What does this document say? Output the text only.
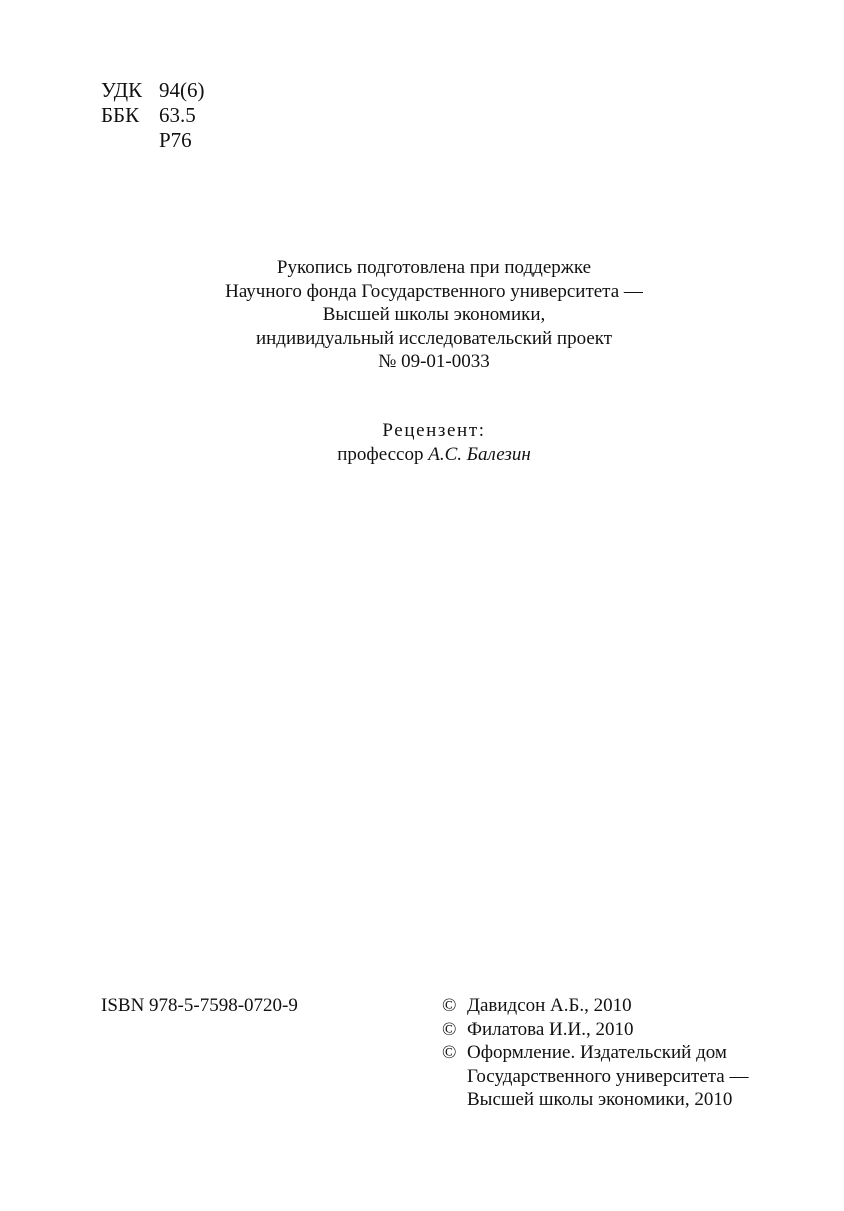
УДК 94(6)
ББК 63.5
Р76
Рукопись подготовлена при поддержке
Научного фонда Государственного университета —
Высшей школы экономики,
индивидуальный исследовательский проект
№ 09-01-0033
Рецензент:
профессор А.С. Балезин
ISBN 978-5-7598-0720-9	© Давидсон А.Б., 2010
© Филатова И.И., 2010
© Оформление. Издательский дом
Государственного университета —
Высшей школы экономики, 2010
